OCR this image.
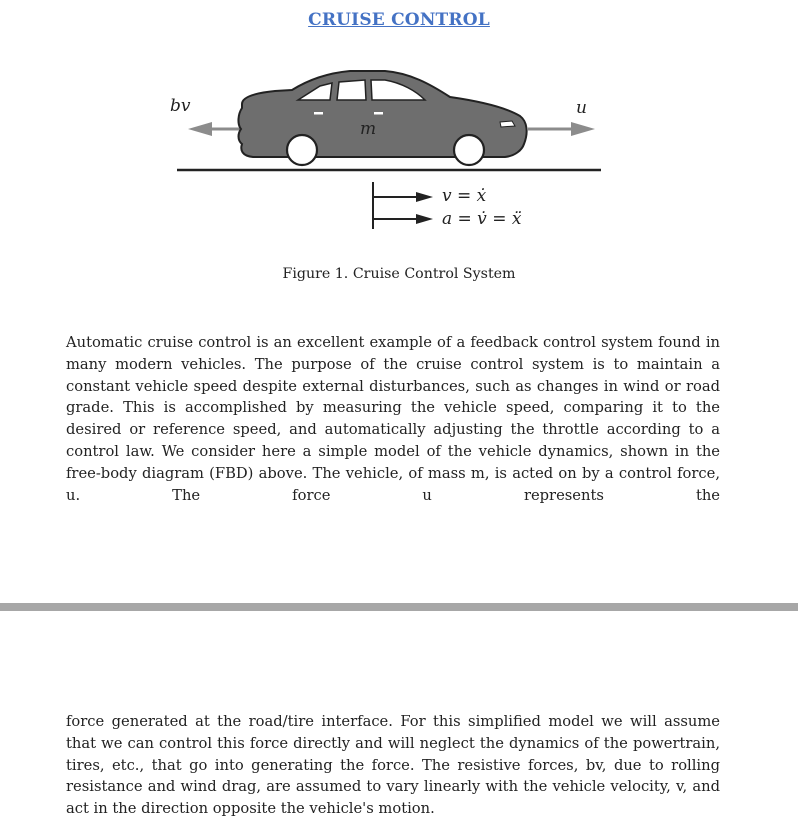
CRUISE CONTROL
bv	u
m
v = ẋ
a = v̇ = ẍ
Figure 1. Cruise Control System

Automatic cruise control is an excellent example of a feedback control system found in many modern vehicles. The purpose of the cruise control system is to maintain a constant vehicle speed despite external disturbances, such as changes in wind or road grade. This is accomplished by measuring the vehicle speed, comparing it to the desired or reference speed, and automatically adjusting the throttle according to a control law. We consider here a simple model of the vehicle dynamics, shown in the free-body diagram (FBD) above. The vehicle, of mass m, is acted on by a control force, u. The force u represents the

force generated at the road/tire interface. For this simplified model we will assume that we can control this force directly and will neglect the dynamics of the powertrain, tires, etc., that go into generating the force. The resistive forces, bv, due to rolling resistance and wind drag, are assumed to vary linearly with the vehicle velocity, v, and act in the direction opposite the vehicle's motion.
